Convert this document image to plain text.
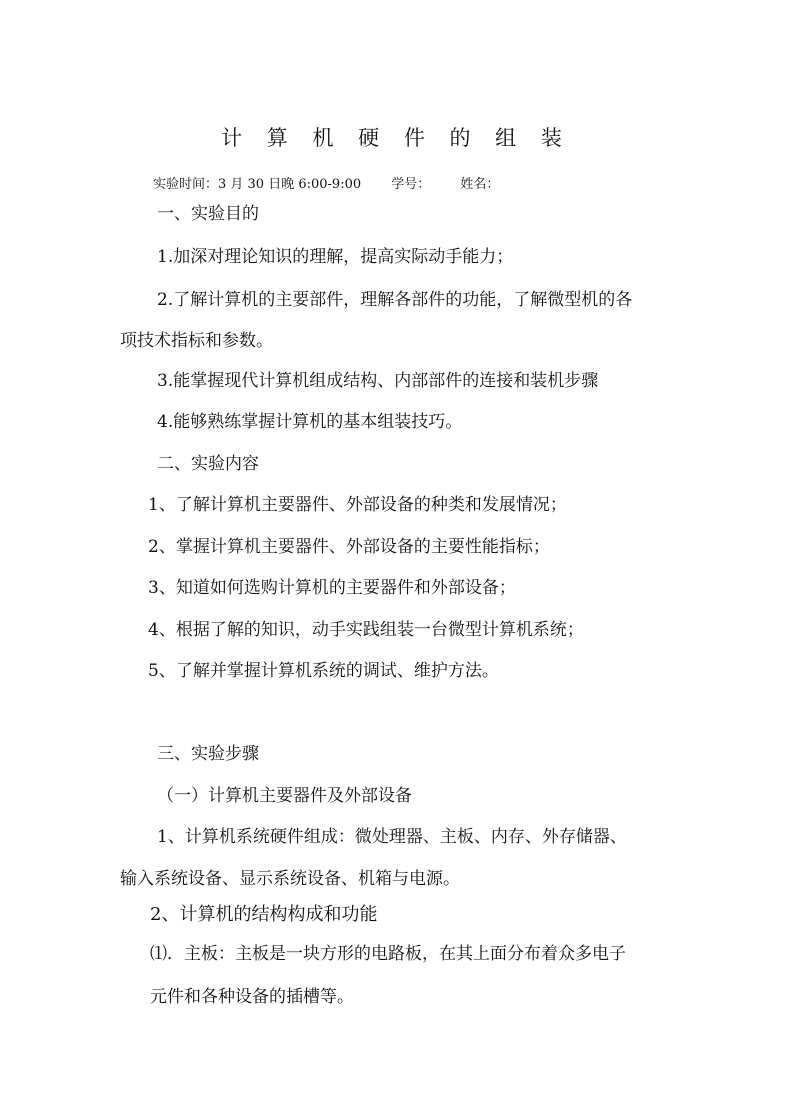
计 算 机 硬 件 的 组 装
实验时间：3 月 30 日晚 6:00-9:00 学号： 姓名：
一、实验目的
1.加深对理论知识的理解，提高实际动手能力；
2.了解计算机的主要部件，理解各部件的功能，了解微型机的各
项技术指标和参数。
3.能掌握现代计算机组成结构、内部部件的连接和装机步骤
4.能够熟练掌握计算机的基本组装技巧。
二、实验内容
1、了解计算机主要器件、外部设备的种类和发展情况；
2、掌握计算机主要器件、外部设备的主要性能指标；
3、知道如何选购计算机的主要器件和外部设备；
4、根据了解的知识，动手实践组装一台微型计算机系统；
5、了解并掌握计算机系统的调试、维护方法。
三、实验步骤
（一）计算机主要器件及外部设备
1、计算机系统硬件组成：微处理器、主板、内存、外存储器、
输入系统设备、显示系统设备、机箱与电源。
2、计算机的结构构成和功能
⑴．主板：主板是一块方形的电路板，在其上面分布着众多电子
元件和各种设备的插槽等。
